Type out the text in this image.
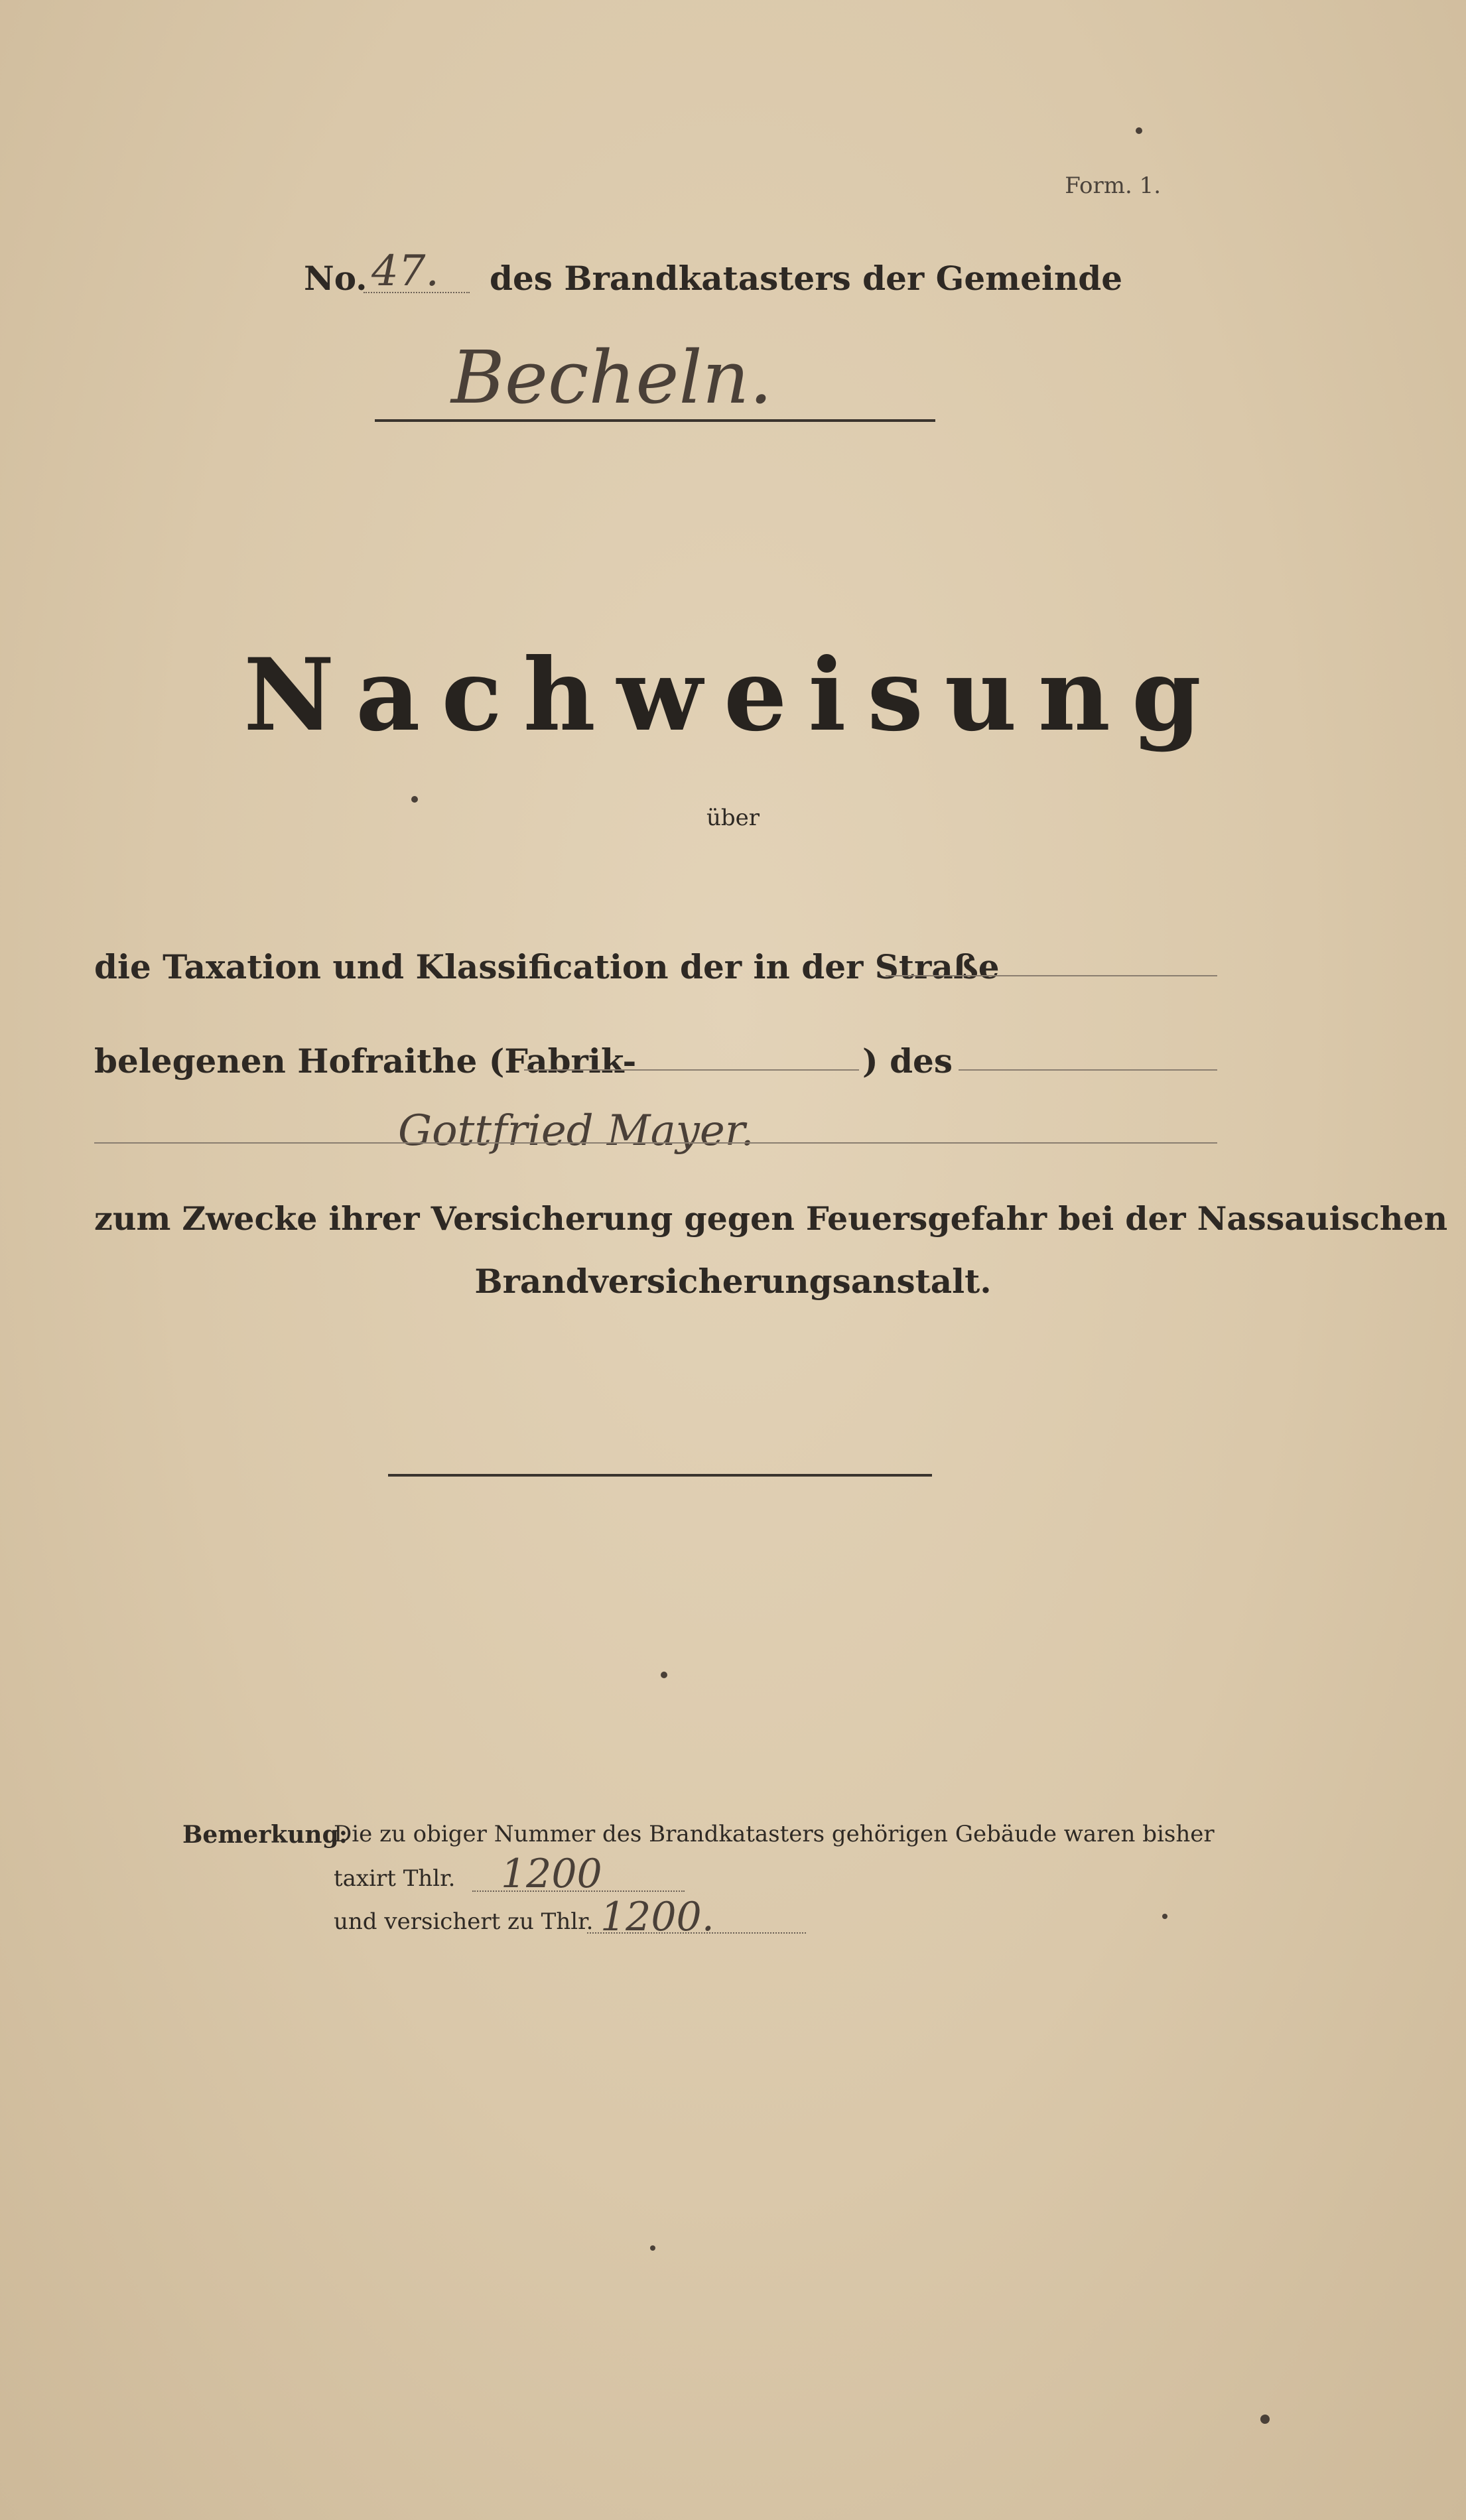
Form. 1.
No. 47. des Brandkatasters der Gemeinde
Becheln.
Nachweisung
über
die Taxation und Klassification der in der Straße
belegenen Hofraithe (Fabrik-	) des
Gottfried Mayer.
zum Zwecke ihrer Versicherung gegen Feuersgefahr bei der Nassauischen
Brandversicherungsanstalt.
Bemerkung:
Die zu obiger Nummer des Brandkatasters gehörigen Gebäude waren bisher
taxirt Thlr. 1200
und versichert zu Thlr. 1200.
